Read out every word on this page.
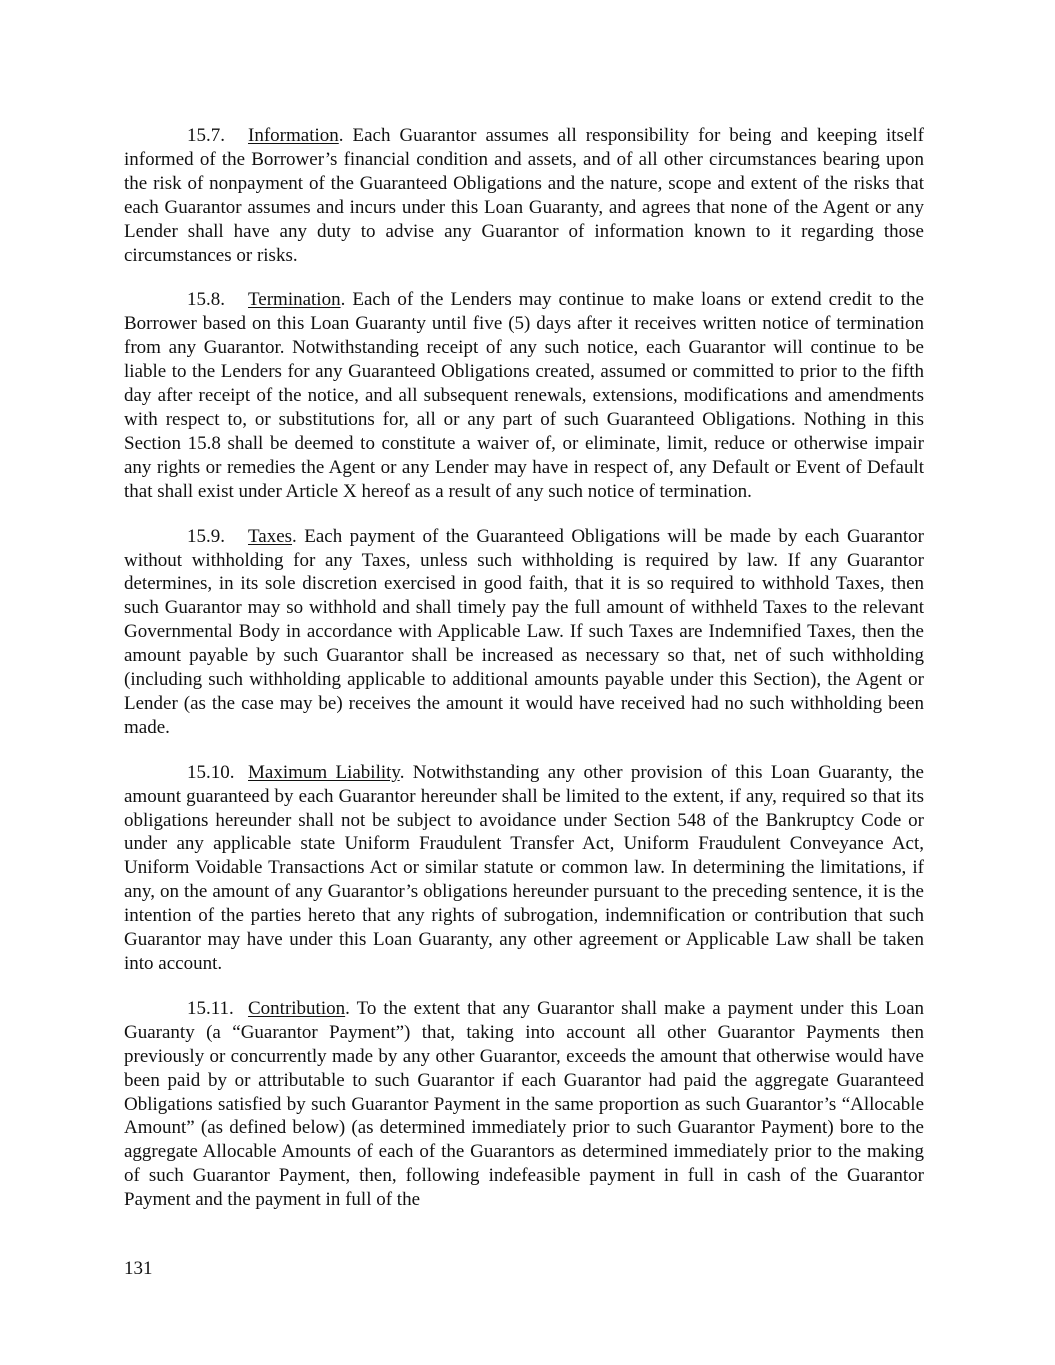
15.7. Information. Each Guarantor assumes all responsibility for being and keeping itself informed of the Borrower’s financial condition and assets, and of all other circumstances bearing upon the risk of nonpayment of the Guaranteed Obligations and the nature, scope and extent of the risks that each Guarantor assumes and incurs under this Loan Guaranty, and agrees that none of the Agent or any Lender shall have any duty to advise any Guarantor of information known to it regarding those circumstances or risks.

15.8. Termination. Each of the Lenders may continue to make loans or extend credit to the Borrower based on this Loan Guaranty until five (5) days after it receives written notice of termination from any Guarantor. Notwithstanding receipt of any such notice, each Guarantor will continue to be liable to the Lenders for any Guaranteed Obligations created, assumed or committed to prior to the fifth day after receipt of the notice, and all subsequent renewals, extensions, modifications and amendments with respect to, or substitutions for, all or any part of such Guaranteed Obligations. Nothing in this Section 15.8 shall be deemed to constitute a waiver of, or eliminate, limit, reduce or otherwise impair any rights or remedies the Agent or any Lender may have in respect of, any Default or Event of Default that shall exist under Article X hereof as a result of any such notice of termination.

15.9. Taxes. Each payment of the Guaranteed Obligations will be made by each Guarantor without withholding for any Taxes, unless such withholding is required by law. If any Guarantor determines, in its sole discretion exercised in good faith, that it is so required to withhold Taxes, then such Guarantor may so withhold and shall timely pay the full amount of withheld Taxes to the relevant Governmental Body in accordance with Applicable Law. If such Taxes are Indemnified Taxes, then the amount payable by such Guarantor shall be increased as necessary so that, net of such withholding (including such withholding applicable to additional amounts payable under this Section), the Agent or Lender (as the case may be) receives the amount it would have received had no such withholding been made.

15.10. Maximum Liability. Notwithstanding any other provision of this Loan Guaranty, the amount guaranteed by each Guarantor hereunder shall be limited to the extent, if any, required so that its obligations hereunder shall not be subject to avoidance under Section 548 of the Bankruptcy Code or under any applicable state Uniform Fraudulent Transfer Act, Uniform Fraudulent Conveyance Act, Uniform Voidable Transactions Act or similar statute or common law. In determining the limitations, if any, on the amount of any Guarantor’s obligations hereunder pursuant to the preceding sentence, it is the intention of the parties hereto that any rights of subrogation, indemnification or contribution that such Guarantor may have under this Loan Guaranty, any other agreement or Applicable Law shall be taken into account.

15.11. Contribution. To the extent that any Guarantor shall make a payment under this Loan Guaranty (a “Guarantor Payment”) that, taking into account all other Guarantor Payments then previously or concurrently made by any other Guarantor, exceeds the amount that otherwise would have been paid by or attributable to such Guarantor if each Guarantor had paid the aggregate Guaranteed Obligations satisfied by such Guarantor Payment in the same proportion as such Guarantor’s “Allocable Amount” (as defined below) (as determined immediately prior to such Guarantor Payment) bore to the aggregate Allocable Amounts of each of the Guarantors as determined immediately prior to the making of such Guarantor Payment, then, following indefeasible payment in full in cash of the Guarantor Payment and the payment in full of the

131
